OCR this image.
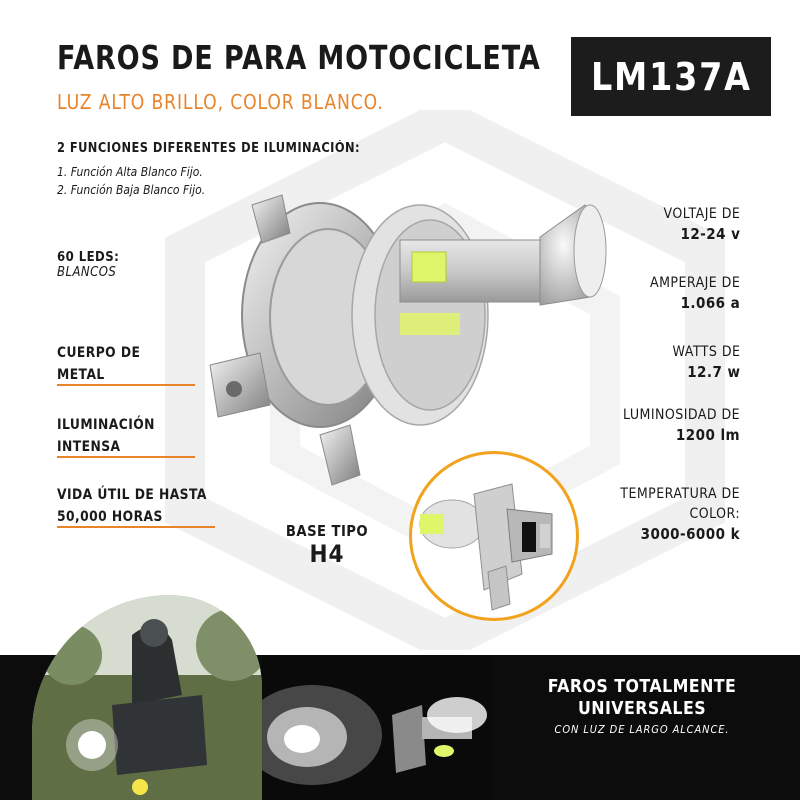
FAROS DE PARA MOTOCICLETA
LUZ ALTO BRILLO, COLOR BLANCO.
LM137A
2 FUNCIONES DIFERENTES DE ILUMINACIÓN:
1. Función Alta Blanco Fijo.
2. Función Baja Blanco Fijo.
60 LEDS:
BLANCOS
CUERPO DE
METAL
ILUMINACIÓN
INTENSA
VIDA ÚTIL DE HASTA
50,000 HORAS
VOLTAJE DE
12-24 v
AMPERAJE DE
1.066 a
WATTS DE
12.7 w
LUMINOSIDAD DE
1200 lm
TEMPERATURA DE
COLOR:
3000-6000 k
BASE TIPO
H4
FAROS TOTALMENTE
UNIVERSALES
CON LUZ DE LARGO ALCANCE.
